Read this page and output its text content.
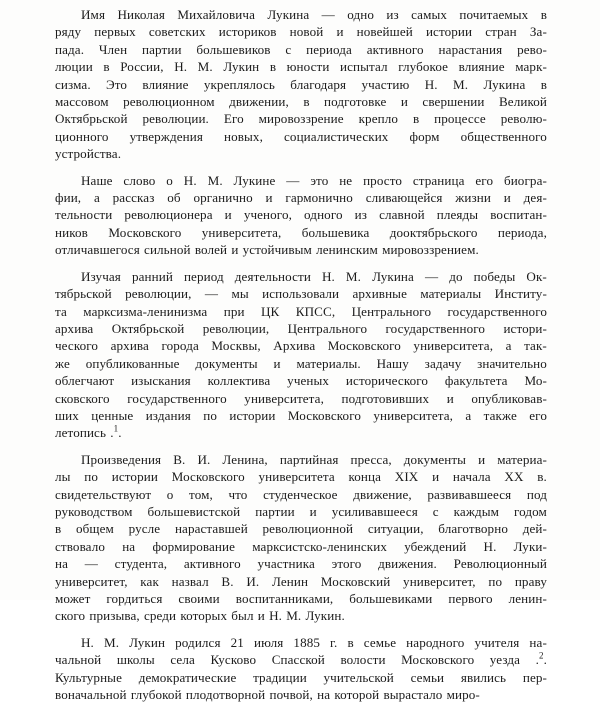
Имя Николая Михайловича Лукина — одно из самых почитаемых в
ряду первых советских историков новой и новейшей истории стран За-
пада. Член партии большевиков с периода активного нарастания рево-
люции в России, Н. М. Лукин в юности испытал глубокое влияние марк-
сизма. Это влияние укреплялось благодаря участию Н. М. Лукина в
массовом революционном движении, в подготовке и свершении Великой
Октябрьской революции. Его мировоззрение крепло в процессе револю-
ционного утверждения новых, социалистических форм общественного
устройства.
Наше слово о Н. М. Лукине — это не просто страница его биогра-
фии, а рассказ об органично и гармонично сливающейся жизни и дея-
тельности революционера и ученого, одного из славной плеяды воспитан-
ников Московского университета, большевика дооктябрьского периода,
отличавшегося сильной волей и устойчивым ленинским мировоззрением.
Изучая ранний период деятельности Н. М. Лукина — до победы Ок-
тябрьской революции, — мы использовали архивные материалы Институ-
та марксизма-ленинизма при ЦК КПСС, Центрального государственного
архива Октябрьской революции, Центрального государственного истори-
ческого архива города Москвы, Архива Московского университета, а так-
же опубликованные документы и материалы. Нашу задачу значительно
облегчают изыскания коллектива ученых исторического факультета Мо-
сковского государственного университета, подготовивших и опубликовав-
ших ценные издания по истории Московского университета, а также его
летопись .$^1$.
Произведения В. И. Ленина, партийная пресса, документы и материа-
лы по истории Московского университета конца XIX и начала XX в.
свидетельствуют о том, что студенческое движение, развивавшееся под
руководством большевистской партии и усиливавшееся с каждым годом
в общем русле нараставшей революционной ситуации, благотворно дей-
ствовало на формирование марксистско-ленинских убеждений Н. Луки-
на — студента, активного участника этого движения. Революционный
университет, как назвал В. И. Ленин Московский университет, по праву
может гордиться своими воспитанниками, большевиками первого ленин-
ского призыва, среди которых был и Н. М. Лукин.
Н. М. Лукин родился 21 июля 1885 г. в семье народного учителя на-
чальной школы села Кусково Спасской волости Московского уезда .$^2$.
Культурные демократические традиции учительской семьи явились пер-
воначальной глубокой плодотворной почвой, на которой вырастало миро-
